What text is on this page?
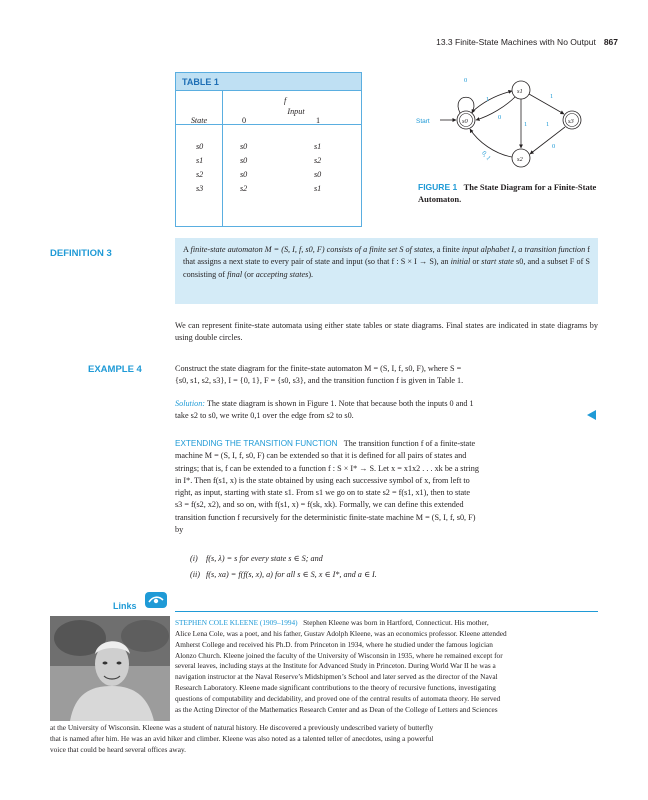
13.3 Finite-State Machines with No Output 867
TABLE 1
f
Input
State	0	1
s0	s0	s1
s1	s0	s2
s2	s0	s0
s3	s2	s1
Start	s0
s1
s2
s3
0
1
0
1
1
0, 1
0
1
FIGURE 1 The State Diagram for a Finite-State Automaton.
DEFINITION 3	A finite-state automaton M = (S, I, f, s0, F) consists of a finite set S of states, a finite input alphabet I, a transition function f that assigns a next state to every pair of state and input (so that f : S × I → S), an initial or start state s0, and a subset F of S consisting of final (or accepting states).
We can represent finite-state automata using either state tables or state diagrams. Final states are indicated in state diagrams by using double circles.
EXAMPLE 4	Construct the state diagram for the finite-state automaton M = (S, I, f, s0, F), where S =
{s0, s1, s2, s3}, I = {0, 1}, F = {s0, s3}, and the transition function f is given in Table 1.
Solution: The state diagram is shown in Figure 1. Note that because both the inputs 0 and 1
take s2 to s0, we write 0,1 over the edge from s2 to s0.
EXTENDING THE TRANSITION FUNCTION The transition function f of a finite-state
machine M = (S, I, f, s0, F) can be extended so that it is defined for all pairs of states and
strings; that is, f can be extended to a function f : S × I* → S. Let x = x1x2 . . . xk be a string
in I*. Then f(s1, x) is the state obtained by using each successive symbol of x, from left to
right, as input, starting with state s1. From s1 we go on to state s2 = f(s1, x1), then to state
s3 = f(s2, x2), and so on, with f(s1, x) = f(sk, xk). Formally, we can define this extended
transition function f recursively for the deterministic finite-state machine M = (S, I, f, s0, F)
by
(i) f(s, λ) = s for every state s ∈ S; and
(ii) f(s, xa) = f(f(s, x), a) for all s ∈ S, x ∈ I*, and a ∈ I.
Links
STEPHEN COLE KLEENE (1909–1994) Stephen Kleene was born in Hartford, Connecticut. His mother,
Alice Lena Cole, was a poet, and his father, Gustav Adolph Kleene, was an economics professor. Kleene attended
Amherst College and received his Ph.D. from Princeton in 1934, where he studied under the famous logician
Alonzo Church. Kleene joined the faculty of the University of Wisconsin in 1935, where he remained except for
several leaves, including stays at the Institute for Advanced Study in Princeton. During World War II he was a
navigation instructor at the Naval Reserve’s Midshipmen’s School and later served as the director of the Naval
Research Laboratory. Kleene made significant contributions to the theory of recursive functions, investigating
questions of computability and decidability, and proved one of the central results of automata theory. He served
as the Acting Director of the Mathematics Research Center and as Dean of the College of Letters and Sciences
at the University of Wisconsin. Kleene was a student of natural history. He discovered a previously undescribed variety of butterfly
that is named after him. He was an avid hiker and climber. Kleene was also noted as a talented teller of anecdotes, using a powerful
voice that could be heard several offices away.
